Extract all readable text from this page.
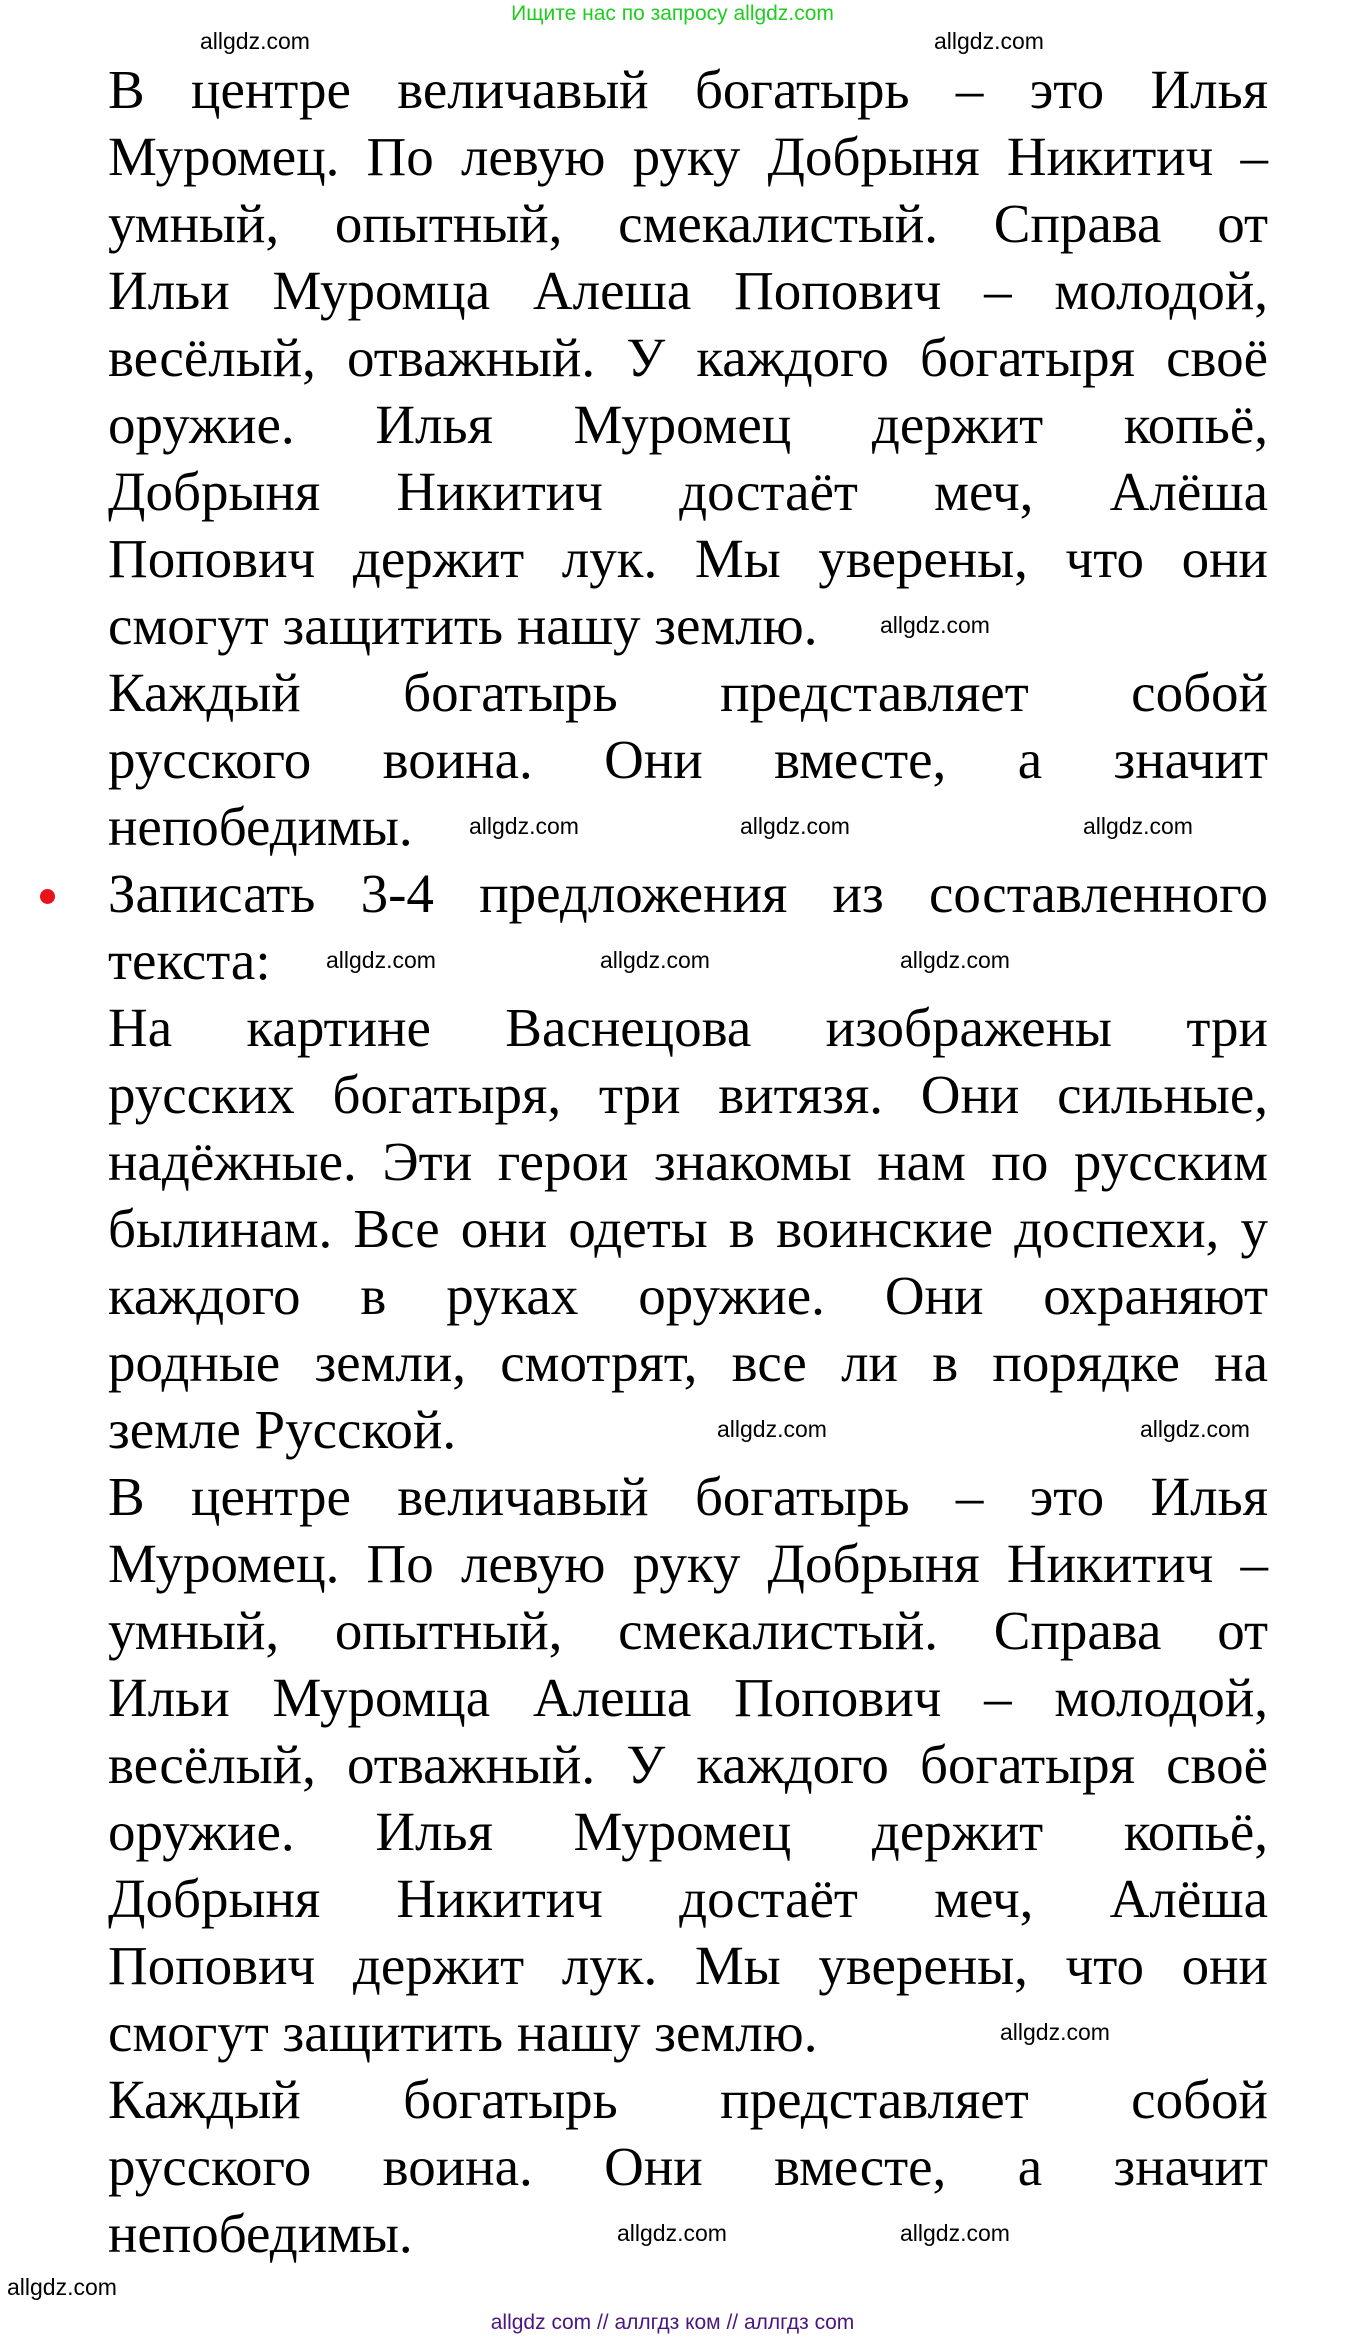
Ищите нас по запросу allgdz.com
В центре величавый богатырь – это Илья
Муромец. По левую руку Добрыня Никитич –
умный, опытный, смекалистый. Справа от
Ильи Муромца Алеша Попович – молодой,
весёлый, отважный. У каждого богатыря своё
оружие. Илья Муромец держит копьё,
Добрыня Никитич достаёт меч, Алёша
Попович держит лук. Мы уверены, что они
смогут защитить нашу землю.
Каждый богатырь представляет собой
русского воина. Они вместе, а значит
непобедимы.
Записать 3-4 предложения из составленного
текста:
На картине Васнецова изображены три
русских богатыря, три витязя. Они сильные,
надёжные. Эти герои знакомы нам по русским
былинам. Все они одеты в воинские доспехи, у
каждого в руках оружие. Они охраняют
родные земли, смотрят, все ли в порядке на
земле Русской.
В центре величавый богатырь – это Илья
Муромец. По левую руку Добрыня Никитич –
умный, опытный, смекалистый. Справа от
Ильи Муромца Алеша Попович – молодой,
весёлый, отважный. У каждого богатыря своё
оружие. Илья Муромец держит копьё,
Добрыня Никитич достаёт меч, Алёша
Попович держит лук. Мы уверены, что они
смогут защитить нашу землю.
Каждый богатырь представляет собой
русского воина. Они вместе, а значит
непобедимы.
allgdz.com
allgdz.com
allgdz.com
allgdz.com	allgdz.com	allgdz.com
allgdz.com	allgdz.com	allgdz.com
allgdz.com	allgdz.com
allgdz.com
allgdz.com	allgdz.com
allgdz.com
allgdz com // аллгдз ком // аллгдз com
